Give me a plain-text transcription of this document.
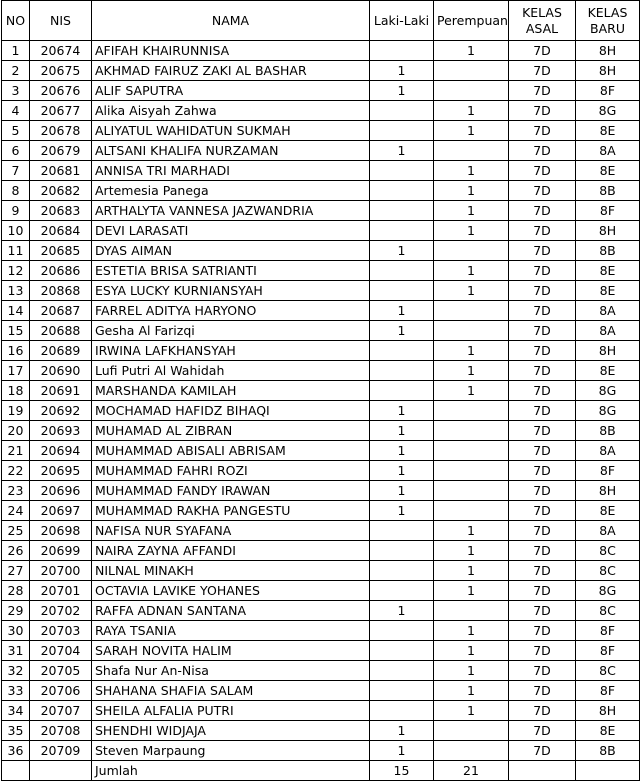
NO	NIS	NAMA	Laki-Laki	Perempuan	KELAS ASAL	KELAS BARU
1	20674	AFIFAH KHAIRUNNISA		1	7D	8H
2	20675	AKHMAD FAIRUZ ZAKI AL BASHAR	1		7D	8H
3	20676	ALIF SAPUTRA	1		7D	8F
4	20677	Alika Aisyah Zahwa		1	7D	8G
5	20678	ALIYATUL WAHIDATUN SUKMAH		1	7D	8E
6	20679	ALTSANI KHALIFA NURZAMAN	1		7D	8A
7	20681	ANNISA TRI MARHADI		1	7D	8E
8	20682	Artemesia Panega		1	7D	8B
9	20683	ARTHALYTA VANNESA JAZWANDRIA		1	7D	8F
10	20684	DEVI LARASATI		1	7D	8H
11	20685	DYAS AIMAN	1		7D	8B
12	20686	ESTETIA BRISA SATRIANTI		1	7D	8E
13	20868	ESYA LUCKY KURNIANSYAH		1	7D	8E
14	20687	FARREL ADITYA HARYONO	1		7D	8A
15	20688	Gesha Al Farizqi	1		7D	8A
16	20689	IRWINA LAFKHANSYAH		1	7D	8H
17	20690	Lufi Putri Al Wahidah		1	7D	8E
18	20691	MARSHANDA KAMILAH		1	7D	8G
19	20692	MOCHAMAD HAFIDZ BIHAQI	1		7D	8G
20	20693	MUHAMAD AL ZIBRAN	1		7D	8B
21	20694	MUHAMMAD ABISALI ABRISAM	1		7D	8A
22	20695	MUHAMMAD FAHRI ROZI	1		7D	8F
23	20696	MUHAMMAD FANDY IRAWAN	1		7D	8H
24	20697	MUHAMMAD RAKHA PANGESTU	1		7D	8E
25	20698	NAFISA NUR SYAFANA		1	7D	8A
26	20699	NAIRA ZAYNA AFFANDI		1	7D	8C
27	20700	NILNAL MINAKH		1	7D	8C
28	20701	OCTAVIA LAVIKE YOHANES		1	7D	8G
29	20702	RAFFA ADNAN SANTANA	1		7D	8C
30	20703	RAYA TSANIA		1	7D	8F
31	20704	SARAH NOVITA HALIM		1	7D	8F
32	20705	Shafa Nur An-Nisa		1	7D	8C
33	20706	SHAHANA SHAFIA SALAM		1	7D	8F
34	20707	SHEILA ALFALIA PUTRI		1	7D	8H
35	20708	SHENDHI WIDJAJA	1		7D	8E
36	20709	Steven Marpaung	1		7D	8B
		Jumlah	15	21		
